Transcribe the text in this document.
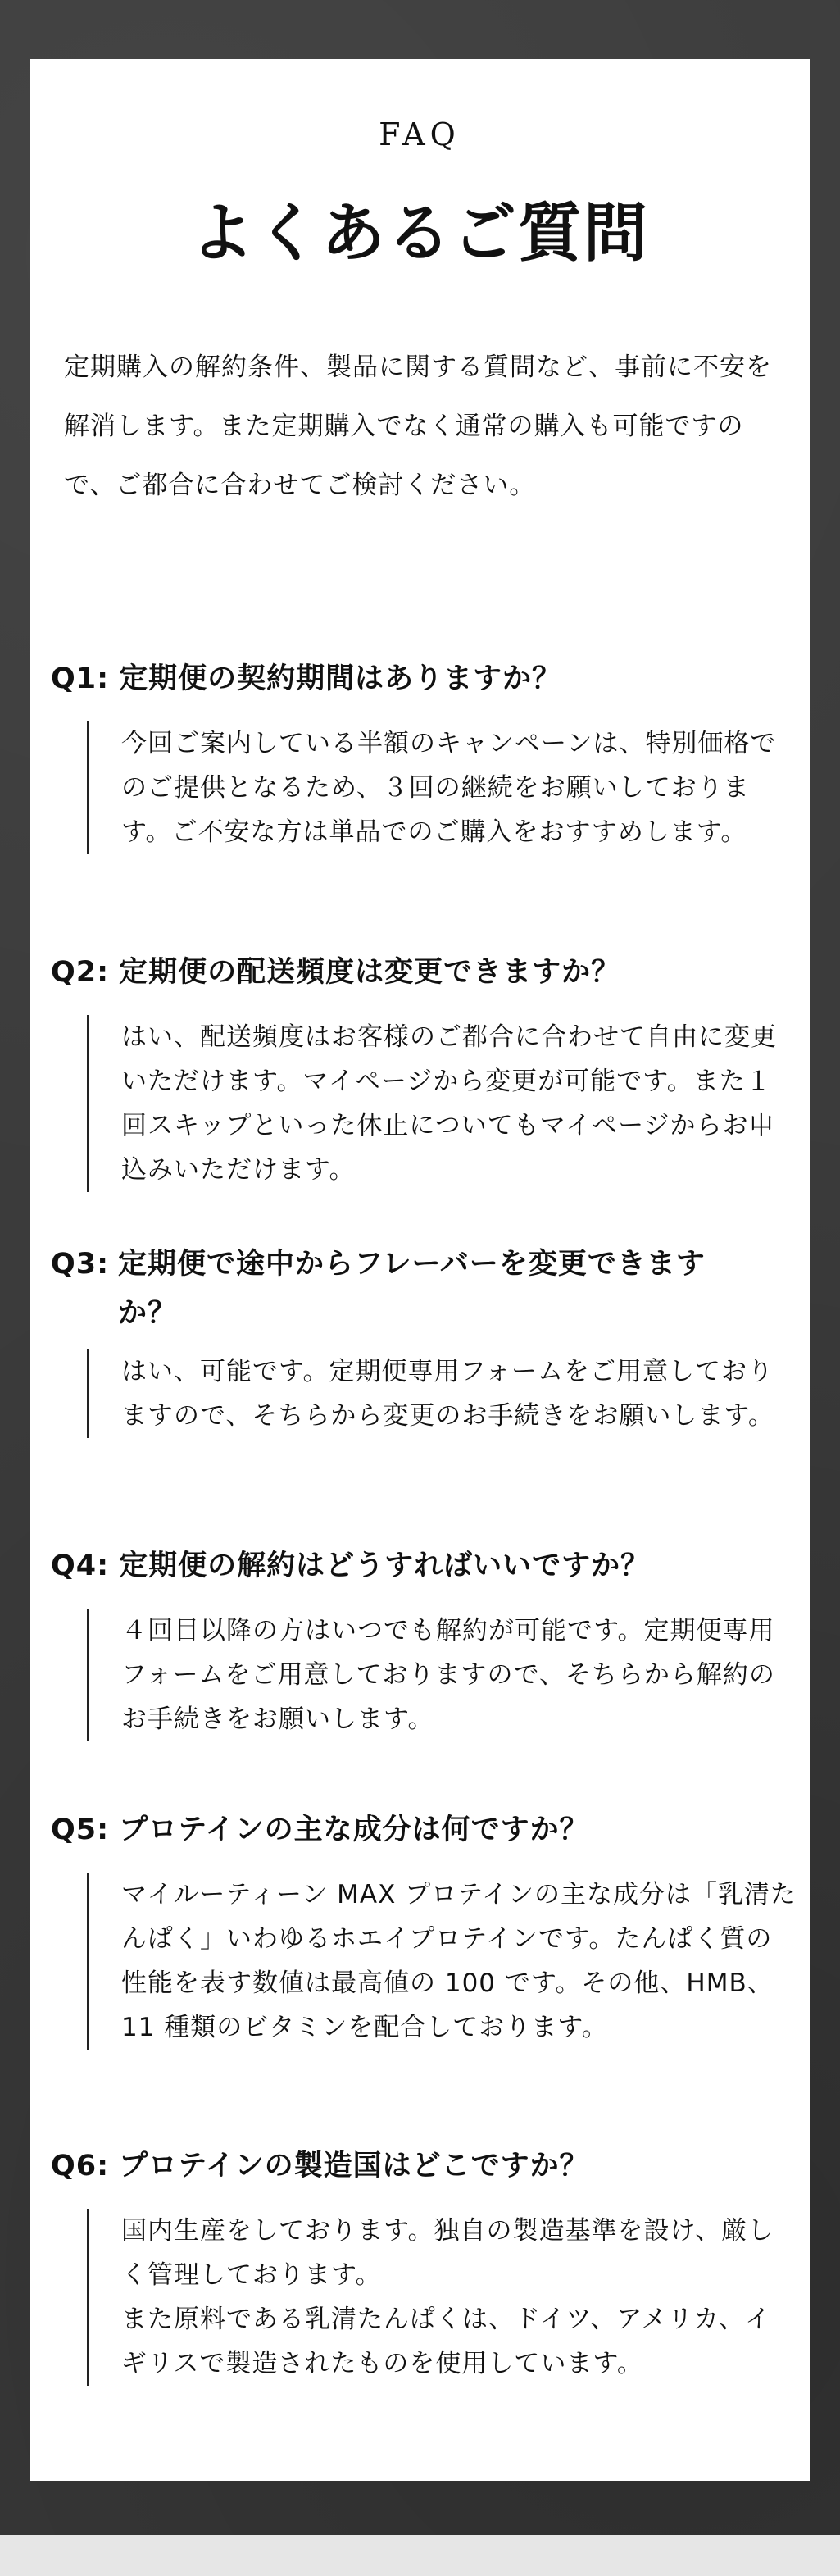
FAQ
よくあるご質問

定期購入の解約条件、製品に関する質問など、事前に不安を解消します。また定期購入でなく通常の購入も可能ですので、ご都合に合わせてご検討ください。

Q1: 定期便の契約期間はありますか？

今回ご案内している半額のキャンペーンは、特別価格でのご提供となるため、３回の継続をお願いしております。ご不安な方は単品でのご購入をおすすめします。

Q2: 定期便の配送頻度は変更できますか？

はい、配送頻度はお客様のご都合に合わせて自由に変更いただけます。マイページから変更が可能です。また１回スキップといった休止についてもマイページからお申込みいただけます。

Q3: 定期便で途中からフレーバーを変更できますか？

はい、可能です。定期便専用フォームをご用意しておりますので、そちらから変更のお手続きをお願いします。

Q4: 定期便の解約はどうすればいいですか？

４回目以降の方はいつでも解約が可能です。定期便専用フォームをご用意しておりますので、そちらから解約のお手続きをお願いします。

Q5: プロテインの主な成分は何ですか？

マイルーティーン MAX プロテインの主な成分は「乳清たんぱく」いわゆるホエイプロテインです。たんぱく質の性能を表す数値は最高値の 100 です。その他、HMB、11 種類のビタミンを配合しております。

Q6: プロテインの製造国はどこですか？

国内生産をしております。独自の製造基準を設け、厳しく管理しております。

また原料である乳清たんぱくは、ドイツ、アメリカ、イギリスで製造されたものを使用しています。
